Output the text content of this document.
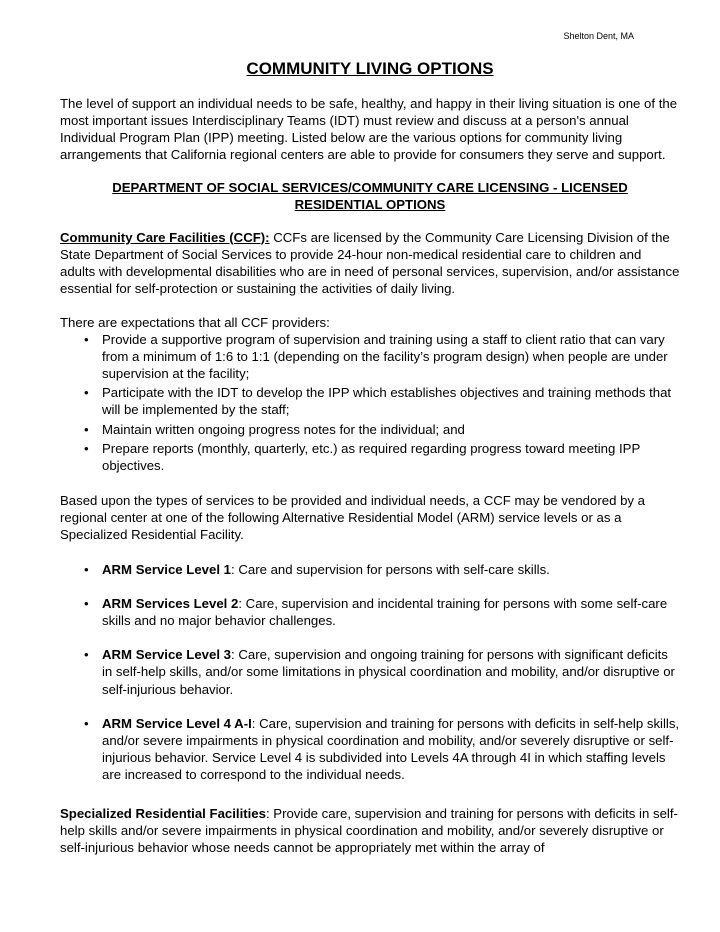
Shelton Dent, MA
COMMUNITY LIVING OPTIONS

The level of support an individual needs to be safe, healthy, and happy in their living situation is one of the most important issues Interdisciplinary Teams (IDT) must review and discuss at a person's annual Individual Program Plan (IPP) meeting. Listed below are the various options for community living arrangements that California regional centers are able to provide for consumers they serve and support.

DEPARTMENT OF SOCIAL SERVICES/COMMUNITY CARE LICENSING - LICENSED RESIDENTIAL OPTIONS

Community Care Facilities (CCF): CCFs are licensed by the Community Care Licensing Division of the State Department of Social Services to provide 24-hour non-medical residential care to children and adults with developmental disabilities who are in need of personal services, supervision, and/or assistance essential for self-protection or sustaining the activities of daily living.

There are expectations that all CCF providers:

• Provide a supportive program of supervision and training using a staff to client ratio that can vary from a minimum of 1:6 to 1:1 (depending on the facility’s program design) when people are under supervision at the facility;
• Participate with the IDT to develop the IPP which establishes objectives and training methods that will be implemented by the staff;
• Maintain written ongoing progress notes for the individual; and
• Prepare reports (monthly, quarterly, etc.) as required regarding progress toward meeting IPP objectives.

Based upon the types of services to be provided and individual needs, a CCF may be vendored by a regional center at one of the following Alternative Residential Model (ARM) service levels or as a Specialized Residential Facility.

• ARM Service Level 1: Care and supervision for persons with self-care skills.
• ARM Services Level 2: Care, supervision and incidental training for persons with some self-care skills and no major behavior challenges.
• ARM Service Level 3: Care, supervision and ongoing training for persons with significant deficits in self-help skills, and/or some limitations in physical coordination and mobility, and/or disruptive or self-injurious behavior.
• ARM Service Level 4 A-I: Care, supervision and training for persons with deficits in self-help skills, and/or severe impairments in physical coordination and mobility, and/or severely disruptive or self-injurious behavior. Service Level 4 is subdivided into Levels 4A through 4I in which staffing levels are increased to correspond to the individual needs.

Specialized Residential Facilities: Provide care, supervision and training for persons with deficits in self-help skills and/or severe impairments in physical coordination and mobility, and/or severely disruptive or self-injurious behavior whose needs cannot be appropriately met within the array of
